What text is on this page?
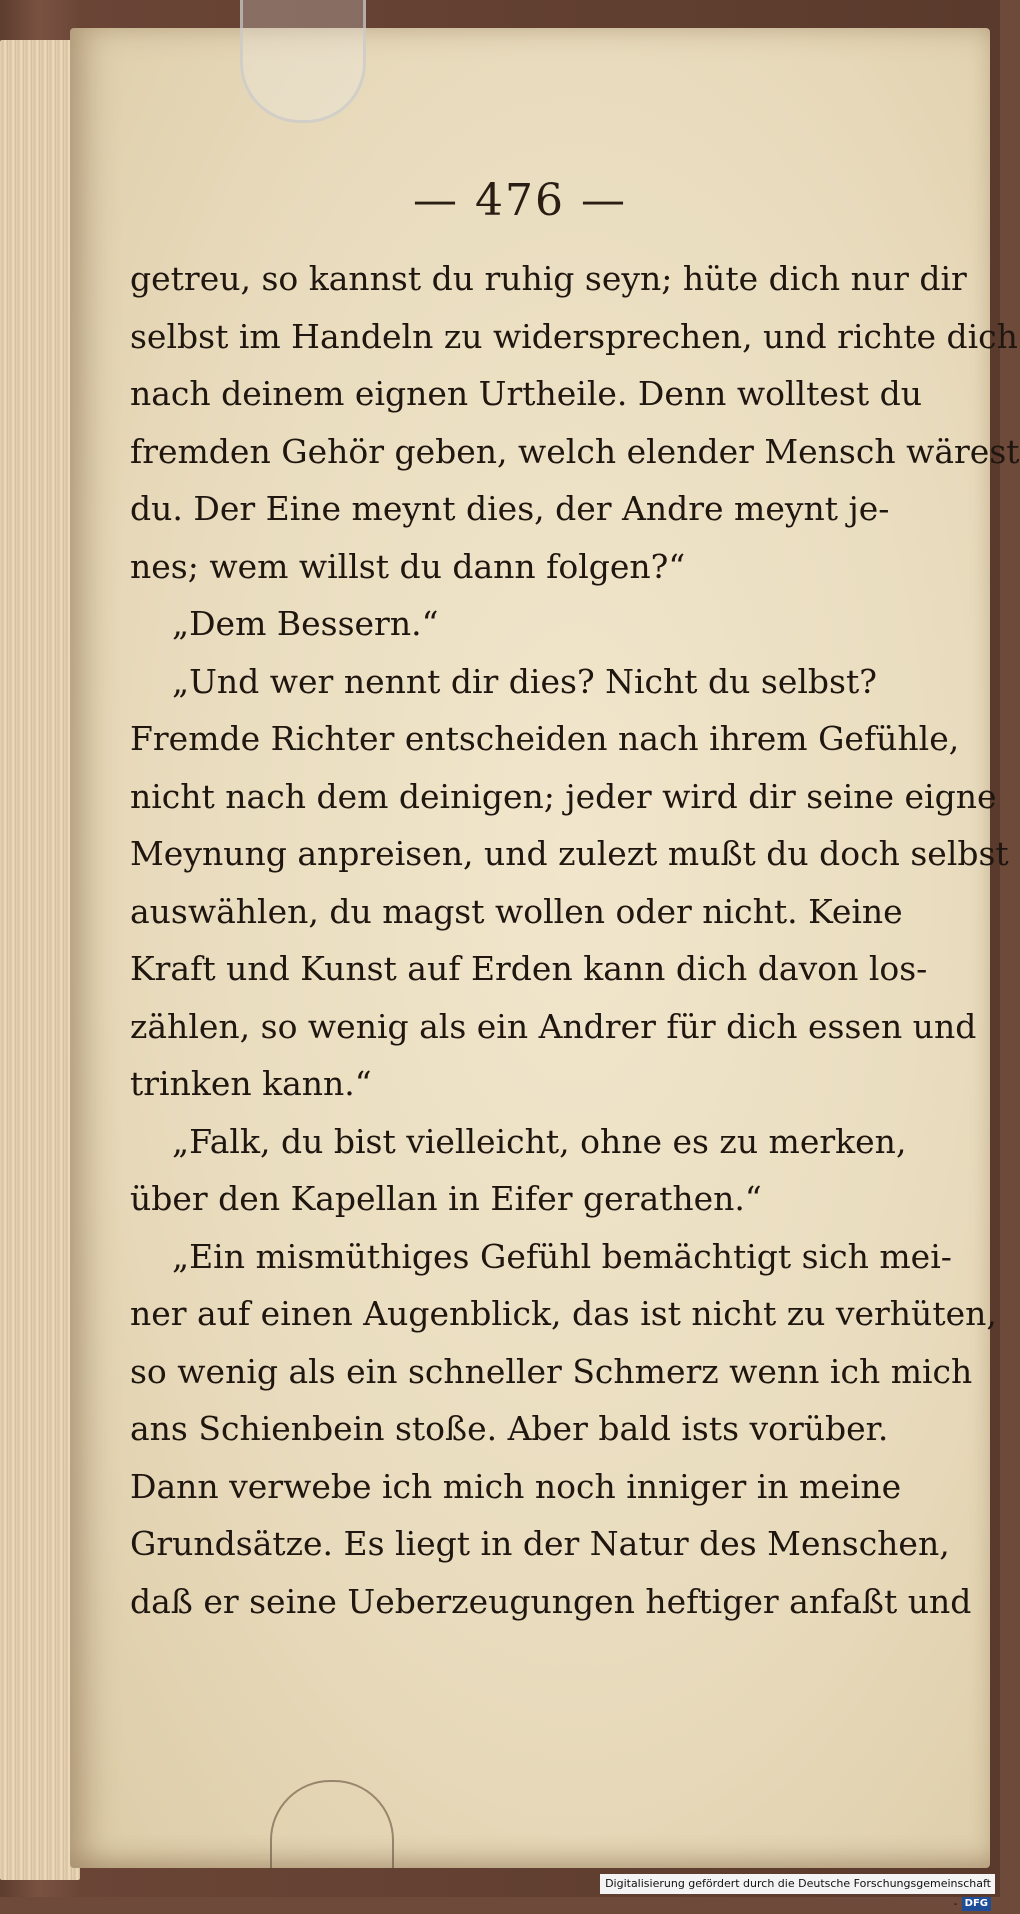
— 476 —
getreu, so kannst du ruhig seyn; hüte dich nur dir
selbst im Handeln zu widersprechen, und richte dich
nach deinem eignen Urtheile. Denn wolltest du
fremden Gehör geben, welch elender Mensch wärest
du. Der Eine meynt dies, der Andre meynt je-
nes; wem willst du dann folgen?“
„Dem Bessern.“
„Und wer nennt dir dies? Nicht du selbst?
Fremde Richter entscheiden nach ihrem Gefühle,
nicht nach dem deinigen; jeder wird dir seine eigne
Meynung anpreisen, und zulezt mußt du doch selbst
auswählen, du magst wollen oder nicht. Keine
Kraft und Kunst auf Erden kann dich davon los-
zählen, so wenig als ein Andrer für dich essen und
trinken kann.“
„Falk, du bist vielleicht, ohne es zu merken,
über den Kapellan in Eifer gerathen.“
„Ein mismüthiges Gefühl bemächtigt sich mei-
ner auf einen Augenblick, das ist nicht zu verhüten,
so wenig als ein schneller Schmerz wenn ich mich
ans Schienbein stoße. Aber bald ists vorüber.
Dann verwebe ich mich noch inniger in meine
Grundsätze. Es liegt in der Natur des Menschen,
daß er seine Ueberzeugungen heftiger anfaßt und
Digitalisierung gefördert durch die Deutsche Forschungsgemeinschaft - DFG
